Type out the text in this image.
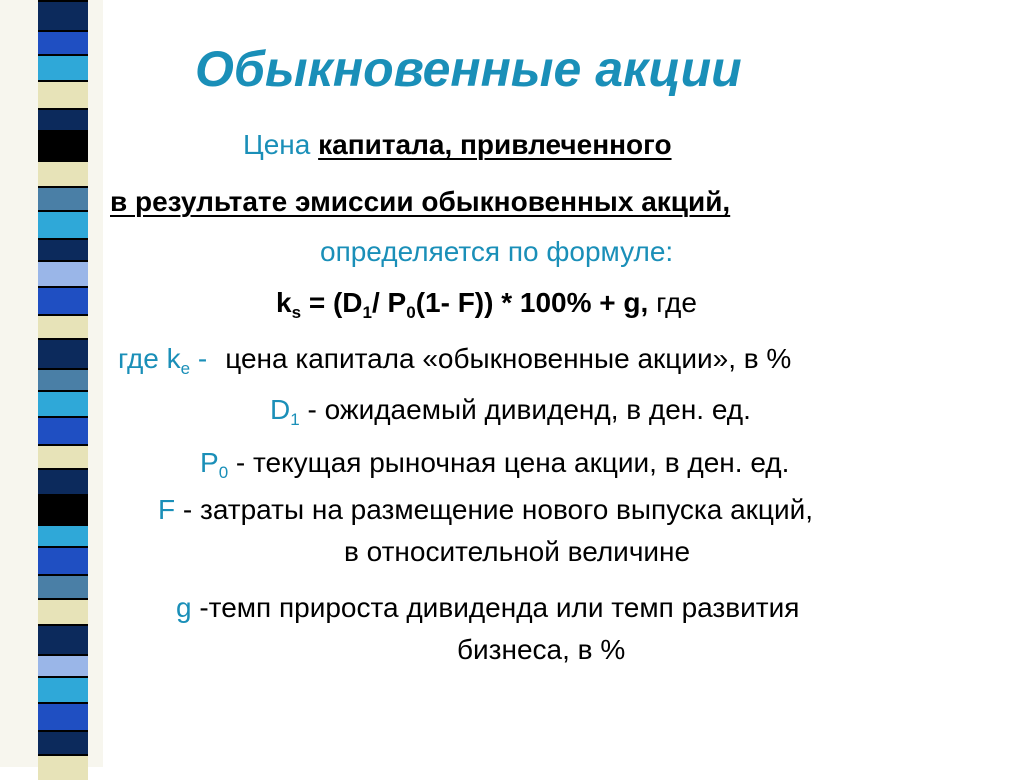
Обыкновенные акции
Цена капитала, привлеченного
в результате эмиссии обыкновенных акций,
определяется по формуле:
$k_s = (D_1/$ $P_0(1-$ F)) * 100% + g, где
где $k_e$ - цена капитала «обыкновенные акции», в %
$D_1$ - ожидаемый дивиденд, в ден. ед.
$P_0$ - текущая рыночная цена акции, в ден. ед.
F - затраты на размещение нового выпуска акций,
в относительной величине
g -темп прироста дивиденда или темп развития
бизнеса, в %
